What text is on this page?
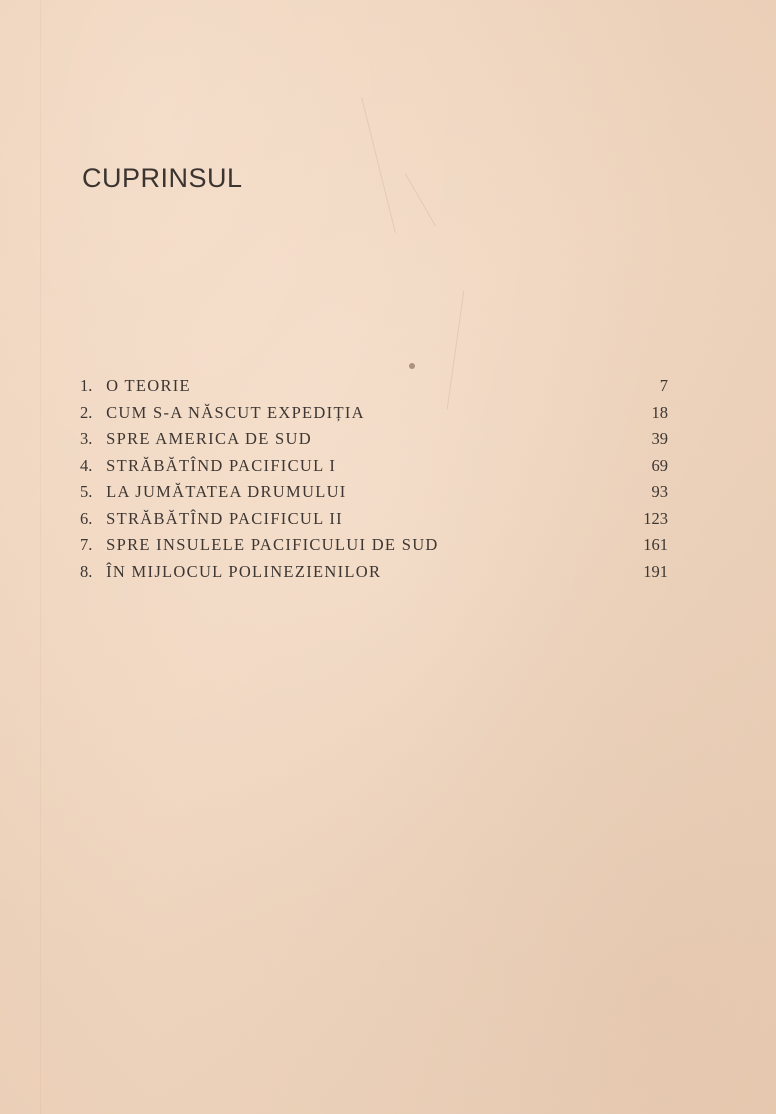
CUPRINSUL
1. O TEORIE	7
2. CUM S-A NĂSCUT EXPEDIȚIA	18
3. SPRE AMERICA DE SUD	39
4. STRĂBĂTÎND PACIFICUL I	69
5. LA JUMĂTATEA DRUMULUI	93
6. STRĂBĂTÎND PACIFICUL II	123
7. SPRE INSULELE PACIFICULUI DE SUD	161
8. ÎN MIJLOCUL POLINEZIENILOR	191
